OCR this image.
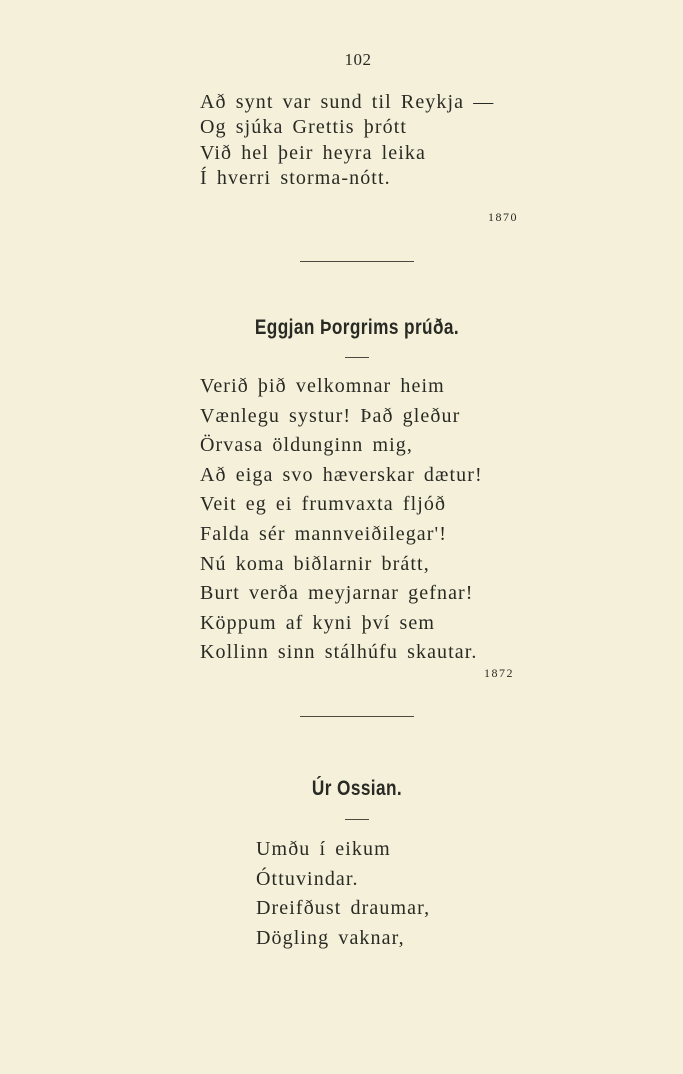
102
Að synt var sund til Reykja —
Og sjúka Grettis þrótt
Við hel þeir heyra leika
Í hverri storma-nótt.
1870
Eggjan Þorgrims prúða.
Verið þið velkomnar heim
Vænlegu systur! Það gleður
Örvasa öldunginn mig,
Að eiga svo hæverskar dætur!
Veit eg ei frumvaxta fljóð
Falda sér mannveiðilegar'!
Nú koma biðlarnir brátt,
Burt verða meyjarnar gefnar!
Köppum af kyni því sem
Kollinn sinn stálhúfu skautar.
1872
Úr Ossian.
Umðu í eikum
Óttuvindar.
Dreifðust draumar,
Dögling vaknar,
